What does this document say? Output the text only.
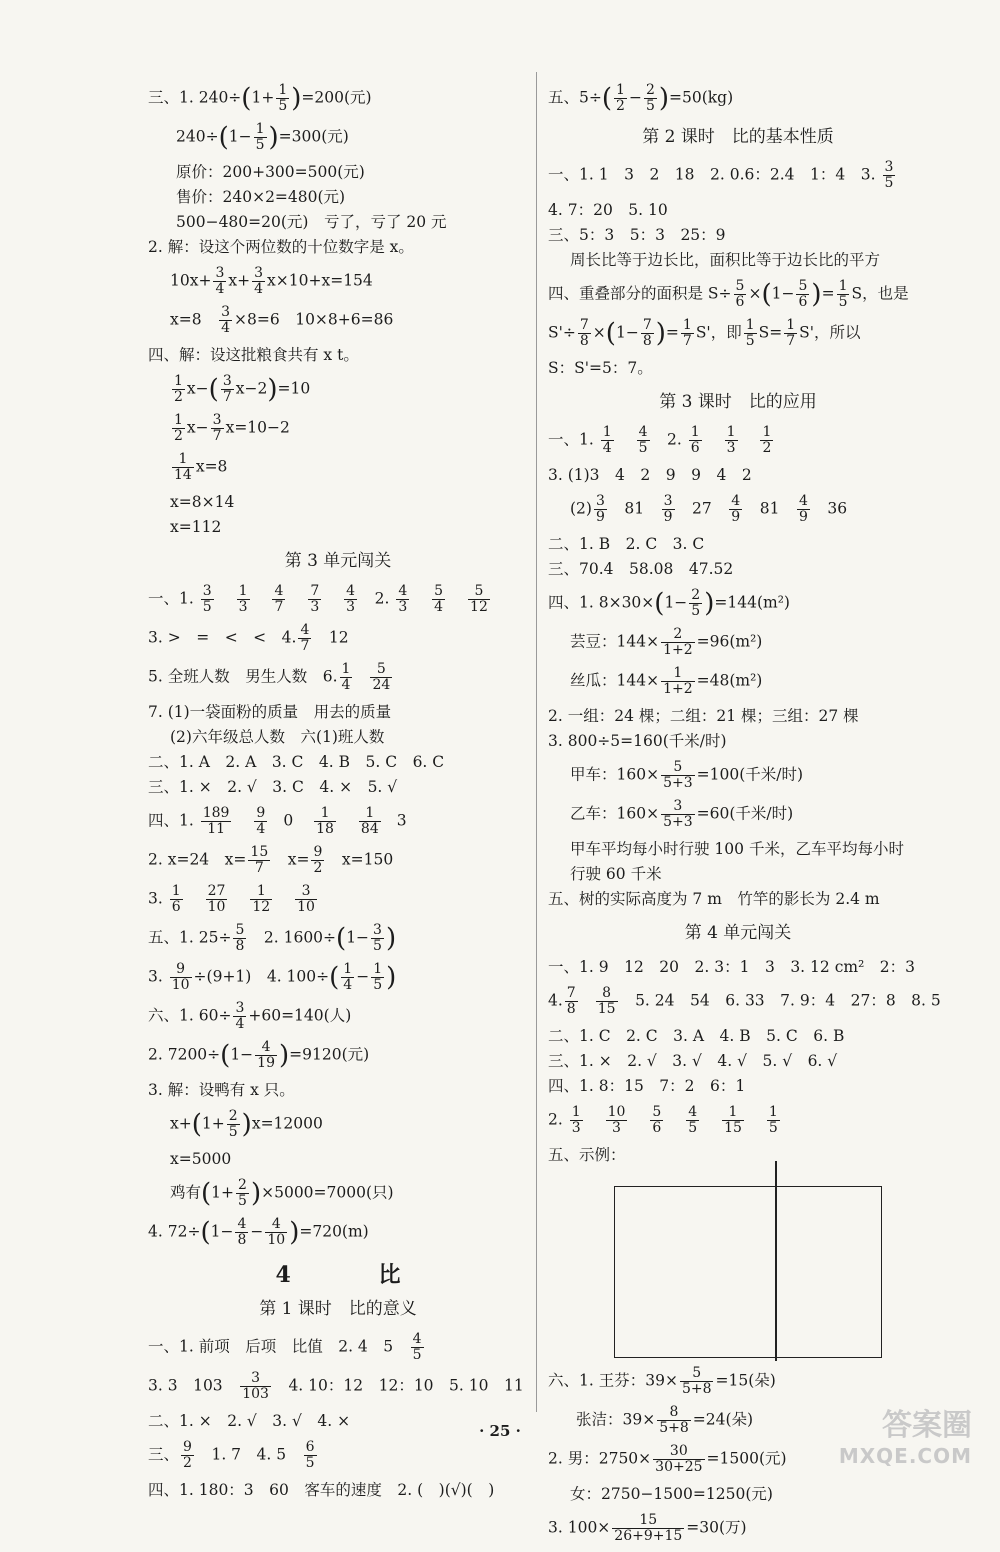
三、1. $240\div(1+ \frac{1}{5} )=200$(元)
$240\div(1- \frac{1}{5} )=300$(元)
原价：200+300=500(元)
售价：240×2=480(元)
500−480=20(元)　亏了，亏了 20 元
2. 解：设这个两位数的十位数字是 x。
$10x+ \frac{3}{4} x+ \frac{3}{4} x\times 10+x=154$
x=8　 $\frac{3}{4} \times 8=6$　10×8+6=86
四、解：设这批粮食共有 x t。
$\frac{1}{2} x-( \frac{3}{7} x-2)=10$
$\frac{1}{2} x- \frac{3}{7} x=10-2$
$\frac{1}{14} x=8$
x=8×14
x=112
第 3 单元闯关
一、1. $\frac{3}{5}$
$\frac{1}{3}$
$\frac{4}{7}$
$\frac{7}{3}$
$\frac{4}{3}$ 　2. $\frac{4}{3}$
$\frac{5}{4}$
$\frac{5}{12}$
3. >　=　<　<　4. $\frac{4}{7}$ 　12
5. 全班人数　男生人数　6. $\frac{1}{4} \frac{5}{24}$
7. (1)一袋面粉的质量　用去的质量
(2)六年级总人数　六(1)班人数
二、1. A　2. A　3. C　4. B　5. C　6. C
三、1. ×　2. √　3. C　4. ×　5. √
四、1. $\frac{189}{11}$
$\frac{9}{4} 0 \frac{1}{18}$
$\frac{1}{84} 3$
2. x=24　$x= \frac{15}{7}$
　 $x= \frac{9}{2}$
　 x=150
3. $\frac{1}{6}$
$\frac{27}{10}$
$\frac{1}{12}$
$\frac{3}{10}$
五、1. $25\div \frac{5}{8}$
　 2. $1600\div(1- \frac{3}{5}$ )
3. $\frac{9}{10} \div(9+1)$　4. $100\div( \frac{1}{4} - \frac{1}{5}$ )
六、1. $60\div \frac{3}{4} +60=140$(人)
2. $7200\div(1- \frac{4}{19} )=9120$(元)
3. 解：设鸭有 x 只。
$x+(1+ \frac{2}{5} )x=12000$
x=5000
鸡有$(1+ \frac{2}{5} )\times 5000=7000$(只)
4. $72\div(1- \frac{4}{8} - \frac{4}{10} )=720(m)$
4 比
第 1 课时　比的意义
一、1. 前项　后项　比值　2. 4　5　 $\frac{4}{5}$
3. 3　103　 $\frac{3}{103}$
　 4. 10：12　12：10　5. 10　11
二、1. ×　2. √　3. √　4. ×
三、 $\frac{9}{2}$
　 1. 7　4. 5　 $\frac{6}{5}$
四、1. 180：3　60　客车的速度　2. (　)(√)(　)
五、$5\div( \frac{1}{2} - \frac{2}{5} )=50(kg)$
第 2 课时　比的基本性质
一、1. 1　3　2　18　2. 0.6：2.4　1：4　3. $\frac{3}{5}$
4. 7：20　5. 10
三、5：3　5：3　25：9
周长比等于边长比，面积比等于边长比的平方
四、重叠部分的面积是 $S\div \frac{5}{6} \times(1- \frac{5}{6}$ )= $\frac{1}{5}$ S，也是
$S'\div \frac{7}{8} \times(1- \frac{7}{8}$ )= $\frac{1}{7} S'$，即 $\frac{1}{5} S= \frac{1}{7} S'$，所以
S：S'=5：7。
第 3 课时　比的应用
一、1. $\frac{1}{4}$
$\frac{4}{5}$
　 2. $\frac{1}{6}$
$\frac{1}{3}$
$\frac{1}{2}$
3. (1)3　4　2　9　9　4　2
$(2) \frac{3}{9}$ 　81　 $\frac{3}{9}$ 　27　 $\frac{4}{9}$ 　81　 $\frac{4}{9}$ 　36
二、1. B　2. C　3. C
三、70.4　58.08　47.52
四、1. $8\times 30\times(1- \frac{2}{5} )=144(m^2)$
芸豆：$144\times \frac{2}{1+2} =96(m^2)$
丝瓜：$144\times \frac{1}{1+2} =48(m^2)$
2. 一组：24 棵；二组：21 棵；三组：27 棵
3. 800÷5=160(千米/时)
甲车：$160\times \frac{5}{5+3} =100$(千米/时)
乙车：$160\times \frac{3}{5+3} =60$(千米/时)
甲车平均每小时行驶 100 千米，乙车平均每小时
行驶 60 千米
五、树的实际高度为 7 m　竹竿的影长为 2.4 m
第 4 单元闯关
一、1. 9　12　20　2. 3：1　3　3. 12 cm²　2：3
4. $\frac{7}{8} \frac{8}{15}$
　 5. 24　54　6. 33　7. 9：4　27：8　8. 5
二、1. C　2. C　3. A　4. B　5. C　6. B
三、1. ×　2. √　3. √　4. √　5. √　6. √
四、1. 8：15　7：2　6：1
2. $\frac{1}{3}$
$\frac{10}{3}$
$\frac{5}{6}$
$\frac{4}{5}$
$\frac{1}{15}$
$\frac{1}{5}$
五、示例：
六、1. 王芬：$39\times \frac{5}{5+8} =15$(朵)
张洁：$39\times \frac{8}{5+8} =24$(朵)
2. 男：$2750\times \frac{30}{30+25} =1500$(元)
女：2750−1500=1250(元)
3. $100\times \frac{15}{26+9+15} =30$(万)
· 25 ·	答案圈
MXQE.COM
